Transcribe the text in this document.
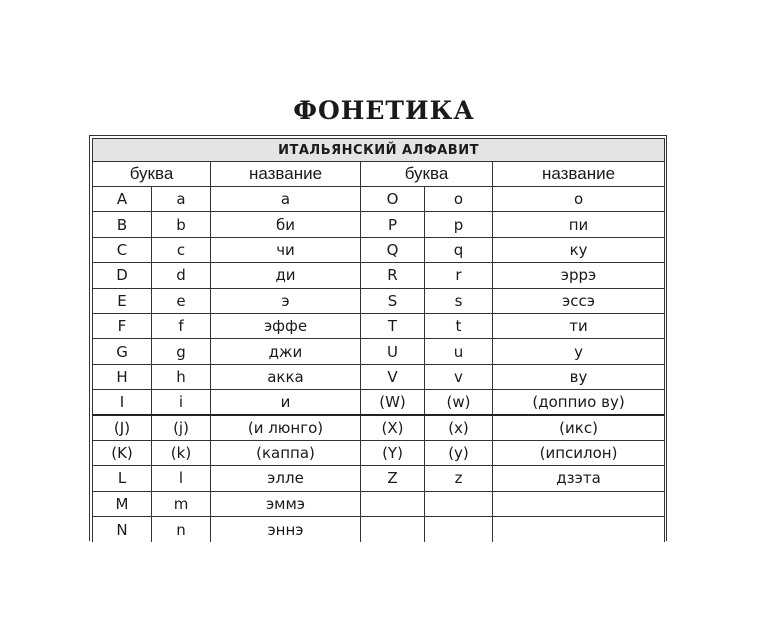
ФОНЕТИКА
ИТАЛЬЯНСКИЙ АЛФАВИТ					
буква		название	буква		название
A	a	а	O	o	о
B	b	би	P	p	пи
C	c	чи	Q	q	ку
D	d	ди	R	r	эррэ
E	e	э	S	s	эссэ
F	f	эффе	T	t	ти
G	g	джи	U	u	у
H	h	акка	V	v	ву
I	i	и	(W)	(w)	(доппио ву)
(J)	(j)	(и люнго)	(X)	(x)	(икс)
(K)	(k)	(каппа)	(Y)	(y)	(ипсилон)
L	l	элле	Z	z	дзэта
M	m	эммэ			
N	n	эннэ			
